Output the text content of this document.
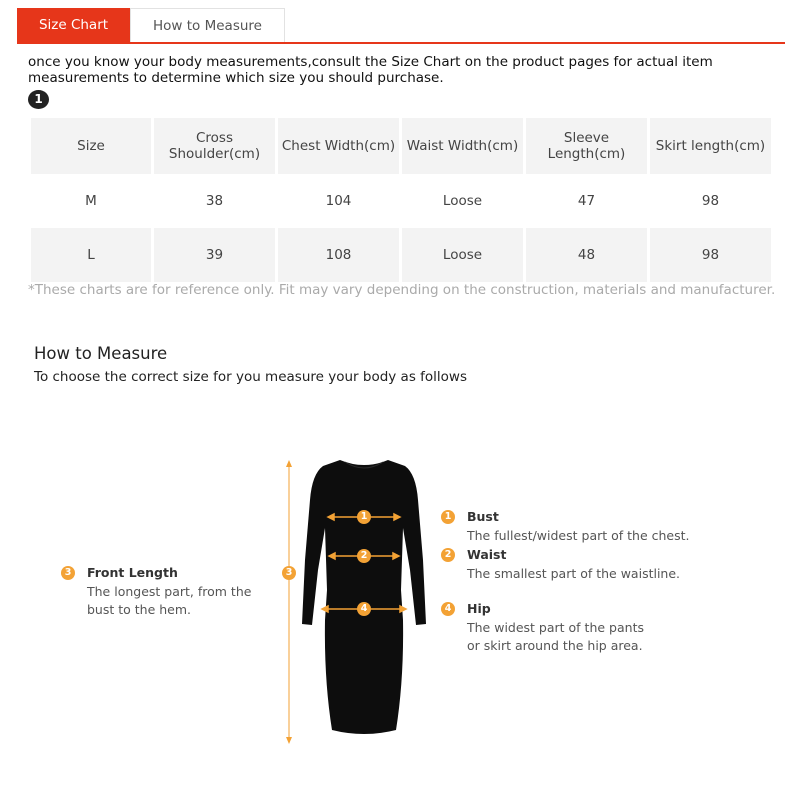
Size Chart	How to Measure
once you know your body measurements,consult the Size Chart on the product pages for actual item measurements to determine which size you should purchase.
1
Size	Cross Shoulder(cm)	Chest Width(cm)	Waist Width(cm)	Sleeve Length(cm)	Skirt length(cm)
M	38	104	Loose	47	98
L	39	108	Loose	48	98
*These charts are for reference only. Fit may vary depending on the construction, materials and manufacturer.
How to Measure
To choose the correct size for you measure your body as follows
1
2
4
3
3 Front Length
The longest part, from the bust to the hem.
1 Bust
The fullest/widest part of the chest.
2 Waist
The smallest part of the waistline.
4 Hip
The widest part of the pants or skirt around the hip area.
